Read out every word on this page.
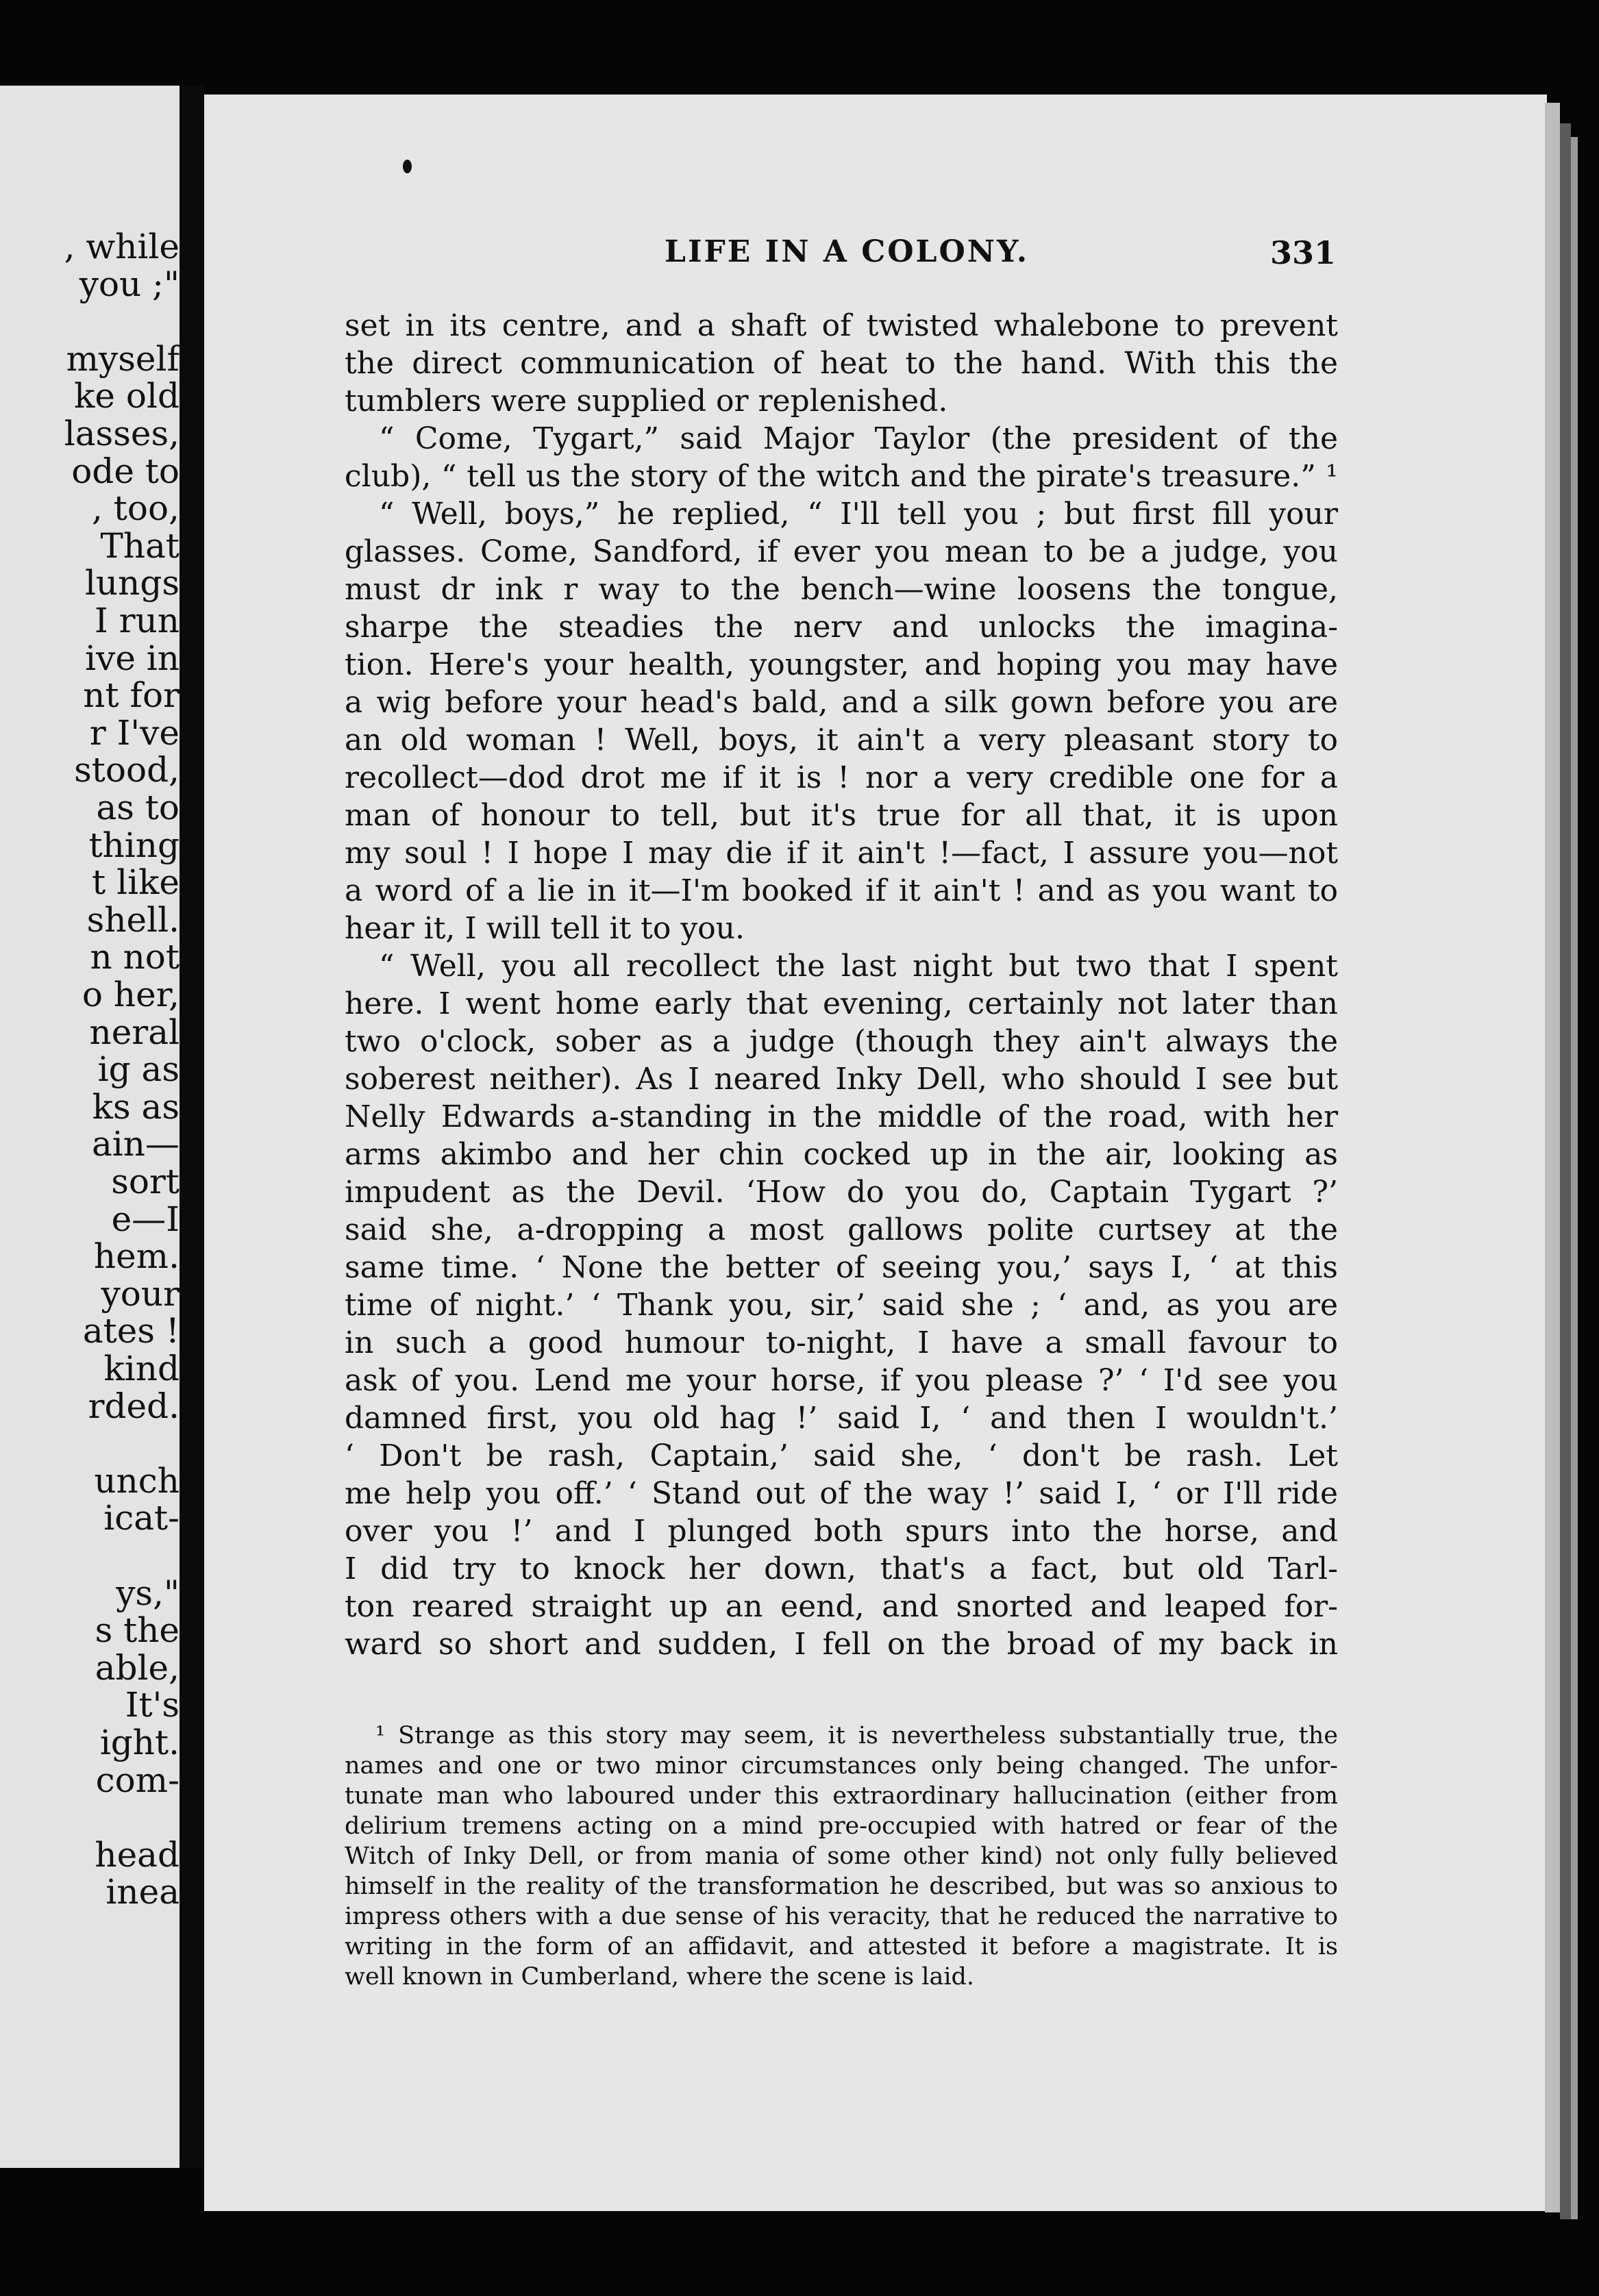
, while
you ;"
myself
ke old
lasses,
ode to
, too,
That
lungs
I run
ive in
nt for
r I've
stood,
as to
thing
t like
shell.
n not
o her,
neral
ig as
ks as
ain—
sort
e—I
hem.
your
ates !
kind
rded.
unch
icat-
ys,"
s the
able,
It's
ight.
com-
head
inea
LIFE IN A COLONY.	331
set in its centre, and a shaft of twisted whalebone to prevent
the direct communication of heat to the hand. With this the
tumblers were supplied or replenished.
“ Come, Tygart,” said Major Taylor (the president of the
club), “ tell us the story of the witch and the pirate's treasure.” ¹
“ Well, boys,” he replied, “ I'll tell you ; but first fill your
glasses. Come, Sandford, if ever you mean to be a judge, you
must dr ink r way to the bench—wine loosens the tongue,
sharpe the steadies the nerv and unlocks the imagina-
tion. Here's your health, youngster, and hoping you may have
a wig before your head's bald, and a silk gown before you are
an old woman ! Well, boys, it ain't a very pleasant story to
recollect—dod drot me if it is ! nor a very credible one for a
man of honour to tell, but it's true for all that, it is upon
my soul ! I hope I may die if it ain't !—fact, I assure you—not
a word of a lie in it—I'm booked if it ain't ! and as you want to
hear it, I will tell it to you.
“ Well, you all recollect the last night but two that I spent
here. I went home early that evening, certainly not later than
two o'clock, sober as a judge (though they ain't always the
soberest neither). As I neared Inky Dell, who should I see but
Nelly Edwards a-standing in the middle of the road, with her
arms akimbo and her chin cocked up in the air, looking as
impudent as the Devil. ‘How do you do, Captain Tygart ?’
said she, a-dropping a most gallows polite curtsey at the
same time. ‘ None the better of seeing you,’ says I, ‘ at this
time of night.’ ‘ Thank you, sir,’ said she ; ‘ and, as you are
in such a good humour to-night, I have a small favour to
ask of you. Lend me your horse, if you please ?’ ‘ I'd see you
damned first, you old hag !’ said I, ‘ and then I wouldn't.’
‘ Don't be rash, Captain,’ said she, ‘ don't be rash. Let
me help you off.’ ‘ Stand out of the way !’ said I, ‘ or I'll ride
over you !’ and I plunged both spurs into the horse, and
I did try to knock her down, that's a fact, but old Tarl-
ton reared straight up an eend, and snorted and leaped for-
ward so short and sudden, I fell on the broad of my back in
¹ Strange as this story may seem, it is nevertheless substantially true, the
names and one or two minor circumstances only being changed. The unfor-
tunate man who laboured under this extraordinary hallucination (either from
delirium tremens acting on a mind pre-occupied with hatred or fear of the
Witch of Inky Dell, or from mania of some other kind) not only fully believed
himself in the reality of the transformation he described, but was so anxious to
impress others with a due sense of his veracity, that he reduced the narrative to
writing in the form of an affidavit, and attested it before a magistrate. It is
well known in Cumberland, where the scene is laid.
